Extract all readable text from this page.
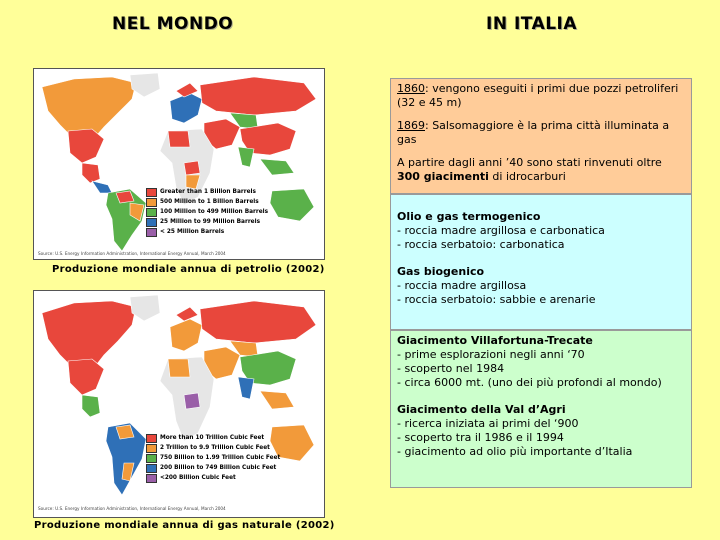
NEL MONDO	IN ITALIA
Greater than 1 Billion Barrels
500 Million to 1 Billion Barrels
100 Million to 499 Million Barrels
25 Million to 99 Million Barrels
< 25 Million Barrels
Source: U.S. Energy Information Administration, International Energy Annual, March 2004
Produzione mondiale annua di petrolio (2002)
More than 10 Trillion Cubic Feet
2 Trillion to 9.9 Trillion Cubic Feet
750 Billion to 1.99 Trillion Cubic Feet
200 Billion to 749 Billion Cubic Feet
<200 Billion Cubic Feet
Source: U.S. Energy Information Administration, International Energy Annual, March 2004
Produzione mondiale annua di gas naturale (2002)

1860: vengono eseguiti i primi due pozzi petroliferi (32 e 45 m)

1869: Salsomaggiore è la prima città illuminata a gas

A partire dagli anni ’40 sono stati rinvenuti oltre 300 giacimenti di idrocarburi

Olio e gas termogenico

- roccia madre argillosa e carbonatica
- roccia serbatoio: carbonatica

Gas biogenico

- roccia madre argillosa
- roccia serbatoio: sabbie e arenarie

Giacimento Villafortuna-Trecate

- prime esplorazioni negli anni ‘70
- scoperto nel 1984
- circa 6000 mt. (uno dei più profondi al mondo)

Giacimento della Val d’Agri

- ricerca iniziata ai primi del ‘900
- scoperto tra il 1986 e il 1994
- giacimento ad olio più importante d’Italia
